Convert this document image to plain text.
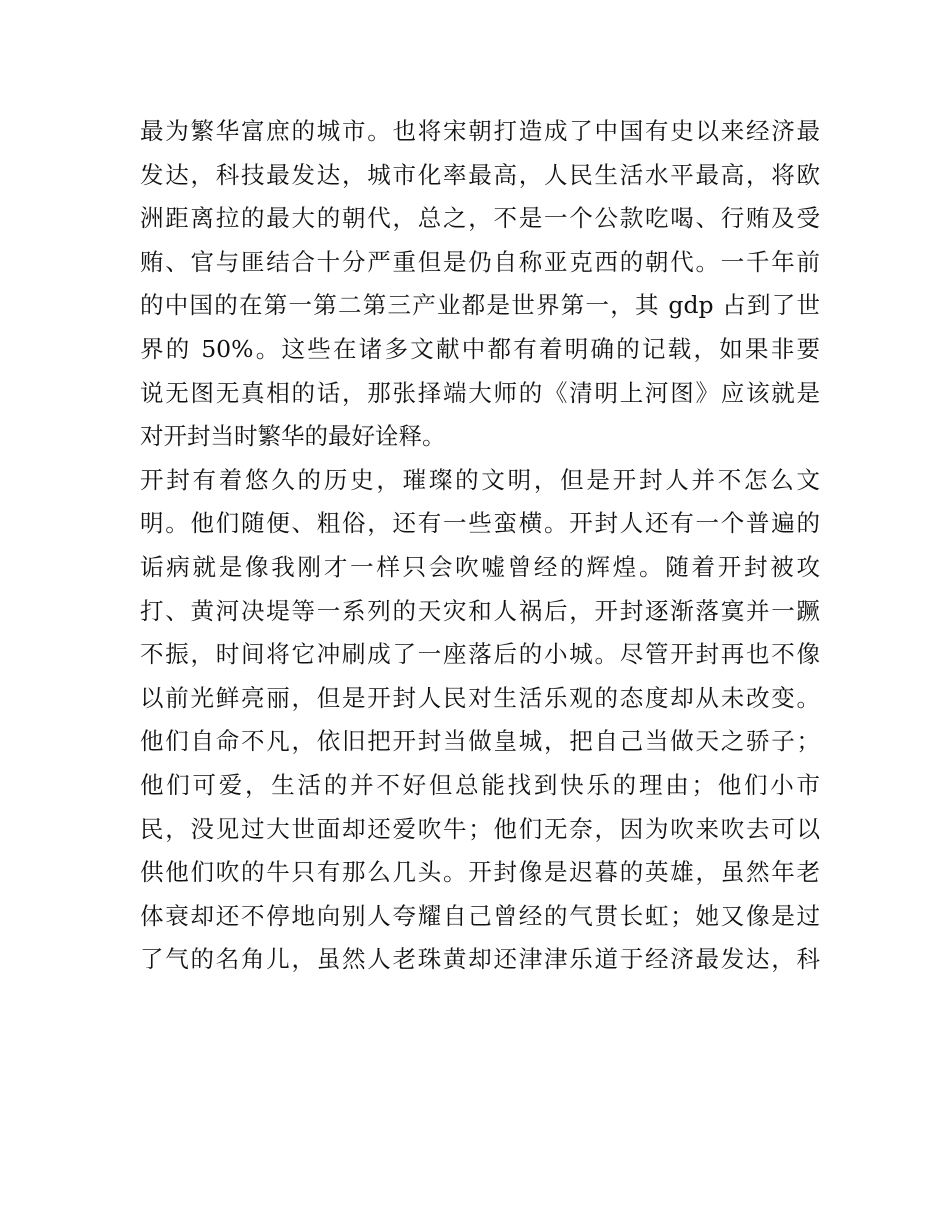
最为繁华富庶的城市。也将宋朝打造成了中国有史以来经济最
发达，科技最发达，城市化率最高，人民生活水平最高，将欧
洲距离拉的最大的朝代，总之，不是一个公款吃喝、行贿及受
贿、官与匪结合十分严重但是仍自称亚克西的朝代。一千年前
的中国的在第一第二第三产业都是世界第一，其 gdp 占到了世
界的 50%。这些在诸多文献中都有着明确的记载，如果非要
说无图无真相的话，那张择端大师的《清明上河图》应该就是
对开封当时繁华的最好诠释。
开封有着悠久的历史，璀璨的文明，但是开封人并不怎么文
明。他们随便、粗俗，还有一些蛮横。开封人还有一个普遍的
诟病就是像我刚才一样只会吹嘘曾经的辉煌。随着开封被攻
打、黄河决堤等一系列的天灾和人祸后，开封逐渐落寞并一蹶
不振，时间将它冲刷成了一座落后的小城。尽管开封再也不像
以前光鲜亮丽，但是开封人民对生活乐观的态度却从未改变。
他们自命不凡，依旧把开封当做皇城，把自己当做天之骄子；
他们可爱，生活的并不好但总能找到快乐的理由；他们小市
民，没见过大世面却还爱吹牛；他们无奈，因为吹来吹去可以
供他们吹的牛只有那么几头。开封像是迟暮的英雄，虽然年老
体衰却还不停地向别人夸耀自己曾经的气贯长虹；她又像是过
了气的名角儿，虽然人老珠黄却还津津乐道于经济最发达，科
